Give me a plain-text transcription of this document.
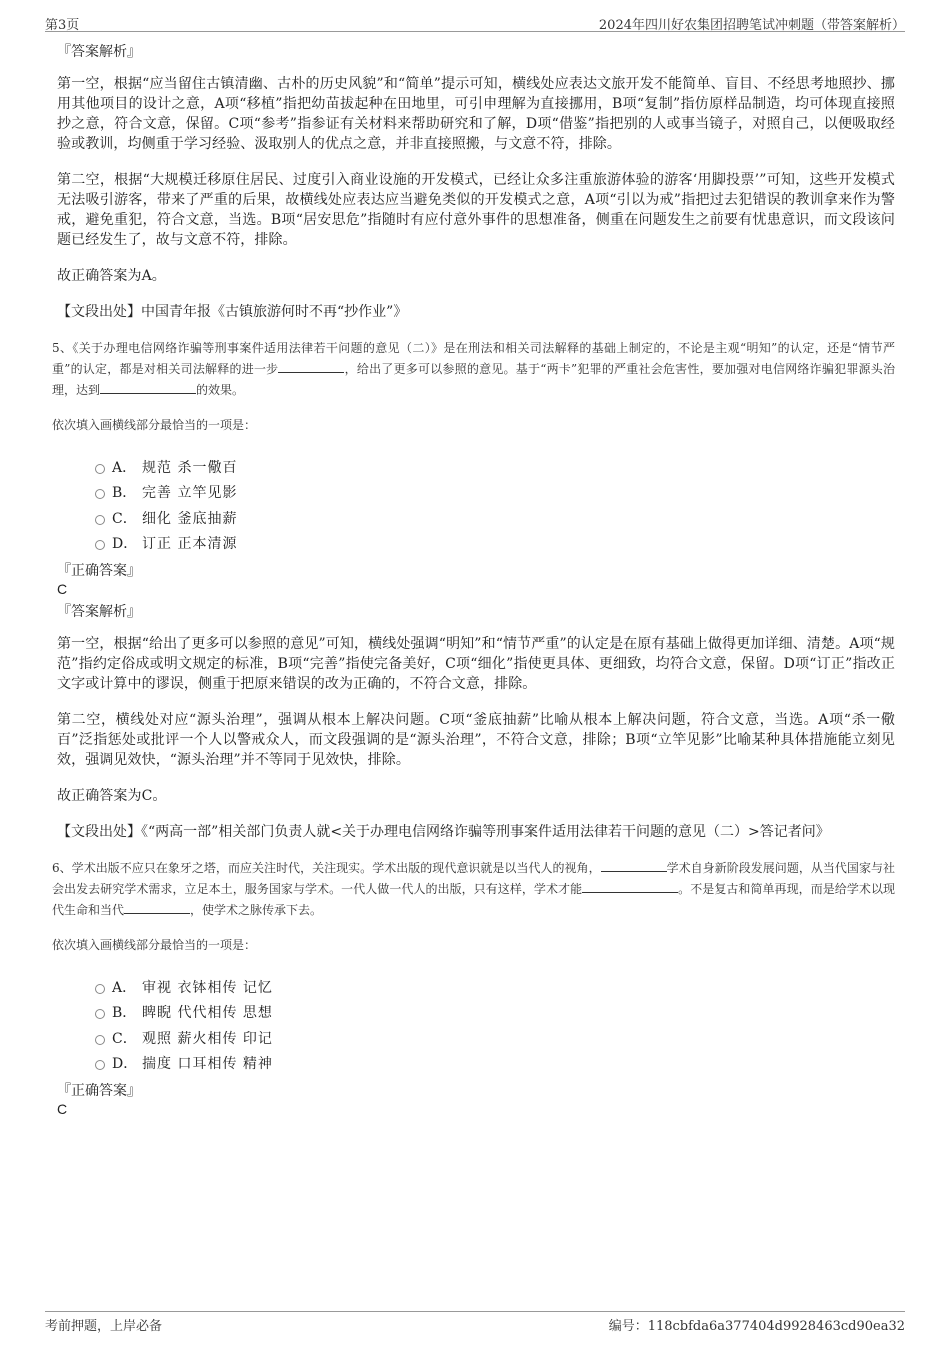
第3页	2024年四川好农集团招聘笔试冲刺题（带答案解析）
『答案解析』

第一空，根据“应当留住古镇清幽、古朴的历史风貌”和“简单”提示可知，横线处应表达文旅开发不能简单、盲目、不经思考地照抄、挪用其他项目的设计之意，A项“移植”指把幼苗拔起种在田地里，可引申理解为直接挪用，B项“复制”指仿原样品制造，均可体现直接照抄之意，符合文意，保留。C项“参考”指参证有关材料来帮助研究和了解，D项“借鉴”指把别的人或事当镜子，对照自己，以便吸取经验或教训，均侧重于学习经验、汲取别人的优点之意，并非直接照搬，与文意不符，排除。

第二空，根据“大规模迁移原住居民、过度引入商业设施的开发模式，已经让众多注重旅游体验的游客‘用脚投票’”可知，这些开发模式无法吸引游客，带来了严重的后果，故横线处应表达应当避免类似的开发模式之意，A项“引以为戒”指把过去犯错误的教训拿来作为警戒，避免重犯，符合文意，当选。B项“居安思危”指随时有应付意外事件的思想准备，侧重在问题发生之前要有忧患意识，而文段该问题已经发生了，故与文意不符，排除。

故正确答案为A。

【文段出处】中国青年报《古镇旅游何时不再“抄作业”》

5、《关于办理电信网络诈骗等刑事案件适用法律若干问题的意见（二）》是在刑法和相关司法解释的基础上制定的，不论是主观“明知”的认定，还是“情节严重”的认定，都是对相关司法解释的进一步	，给出了更多可以参照的意见。基于“两卡”犯罪的严重社会危害性，要加强对电信网络诈骗犯罪源头治理，达到	的效果。

依次填入画横线部分最恰当的一项是：

A． 规范 杀一儆百
B． 完善 立竿见影
C． 细化 釜底抽薪
D． 订正 正本清源
『正确答案』
C
『答案解析』

第一空，根据“给出了更多可以参照的意见”可知，横线处强调“明知”和“情节严重”的认定是在原有基础上做得更加详细、清楚。A项“规范”指约定俗成或明文规定的标准，B项“完善”指使完备美好，C项“细化”指使更具体、更细致，均符合文意，保留。D项“订正”指改正文字或计算中的谬误，侧重于把原来错误的改为正确的，不符合文意，排除。

第二空，横线处对应“源头治理”，强调从根本上解决问题。C项“釜底抽薪”比喻从根本上解决问题，符合文意，当选。A项“杀一儆百”泛指惩处或批评一个人以警戒众人，而文段强调的是“源头治理”，不符合文意，排除；B项“立竿见影”比喻某种具体措施能立刻见效，强调见效快，“源头治理”并不等同于见效快，排除。

故正确答案为C。

【文段出处】《“两高一部”相关部门负责人就<关于办理电信网络诈骗等刑事案件适用法律若干问题的意见（二）>答记者问》

6、学术出版不应只在象牙之塔，而应关注时代，关注现实。学术出版的现代意识就是以当代人的视角，	学术自身新阶段发展问题，从当代国家与社会出发去研究学术需求，立足本土，服务国家与学术。一代人做一代人的出版，只有这样，学术才能	。不是复古和简单再现，而是给学术以现代生命和当代	，使学术之脉传承下去。

依次填入画横线部分最恰当的一项是：

A． 审视 衣钵相传 记忆
B． 睥睨 代代相传 思想
C． 观照 薪火相传 印记
D． 揣度 口耳相传 精神
『正确答案』
C
考前押题，上岸必备	编号：118cbfda6a377404d9928463cd90ea32
